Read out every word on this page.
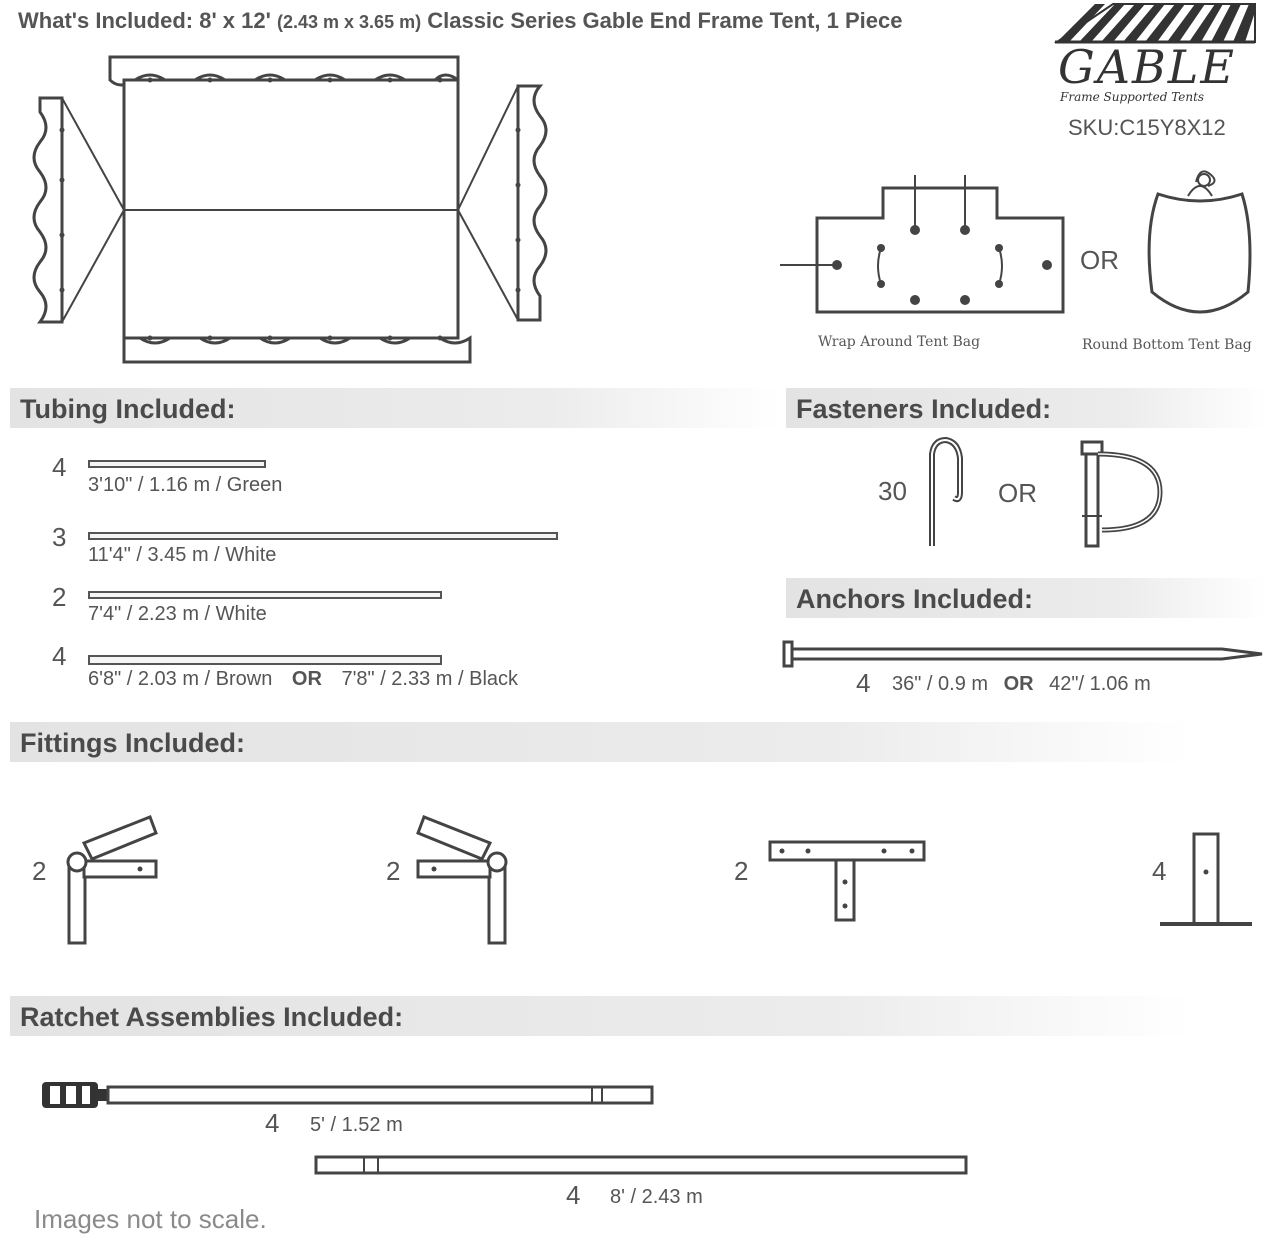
What's Included: 8' x 12' (2.43 m x 3.65 m) Classic Series Gable End Frame Tent, 1 Piece
GABLE
Frame Supported Tents
SKU:C15Y8X12
Wrap Around Tent Bag
OR
Round Bottom Tent Bag
Tubing Included:	Fasteners Included:
Anchors Included:
Fittings Included:
Ratchet Assemblies Included:
4
3'10" / 1.16 m / Green
3
11'4" / 3.45 m / White
2
7'4" / 2.23 m / White
4
6'8" / 2.03 m / Brown OR 7'8" / 2.33 m / Black
30	OR
4 36" / 0.9 m OR 42"/ 1.06 m
2	2	2	4
4 5' / 1.52 m
4 8' / 2.43 m
Images not to scale.
